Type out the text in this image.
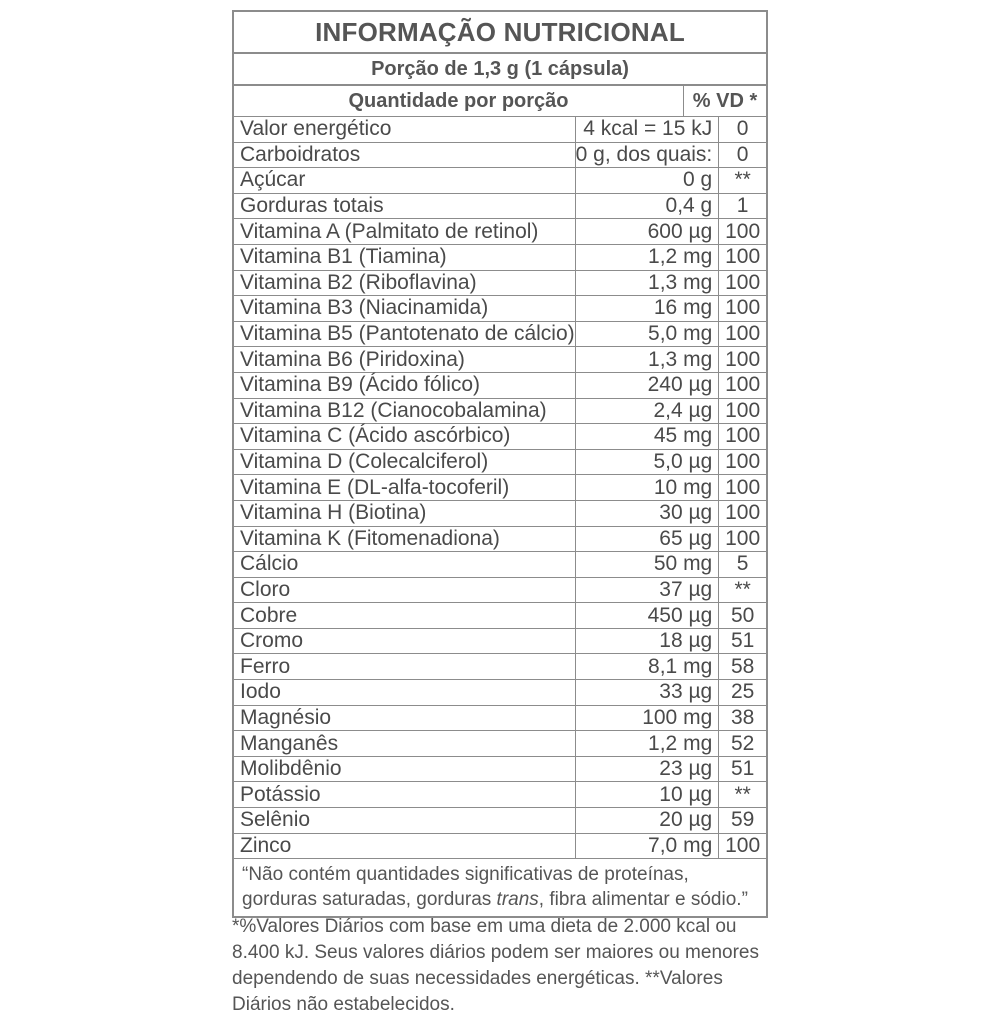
INFORMAÇÃO NUTRICIONAL
Porção de 1,3 g (1 cápsula)
Quantidade por porção	% VD *
Valor energético	4 kcal = 15 kJ	0
Carboidratos	0 g, dos quais:	0
Açúcar	0 g	**
Gorduras totais	0,4 g	1
Vitamina A (Palmitato de retinol)	600 µg	100
Vitamina B1 (Tiamina)	1,2 mg	100
Vitamina B2 (Riboflavina)	1,3 mg	100
Vitamina B3 (Niacinamida)	16 mg	100
Vitamina B5 (Pantotenato de cálcio)	5,0 mg	100
Vitamina B6 (Piridoxina)	1,3 mg	100
Vitamina B9 (Ácido fólico)	240 µg	100
Vitamina B12 (Cianocobalamina)	2,4 µg	100
Vitamina C (Ácido ascórbico)	45 mg	100
Vitamina D (Colecalciferol)	5,0 µg	100
Vitamina E (DL-alfa-tocoferil)	10 mg	100
Vitamina H (Biotina)	30 µg	100
Vitamina K (Fitomenadiona)	65 µg	100
Cálcio	50 mg	5
Cloro	37 µg	**
Cobre	450 µg	50
Cromo	18 µg	51
Ferro	8,1 mg	58
Iodo	33 µg	25
Magnésio	100 mg	38
Manganês	1,2 mg	52
Molibdênio	23 µg	51
Potássio	10 µg	**
Selênio	20 µg	59
Zinco	7,0 mg	100
“Não contém quantidades significativas de proteínas, gorduras saturadas, gorduras trans, fibra alimentar e sódio.”
*%Valores Diários com base em uma dieta de 2.000 kcal ou 8.400 kJ. Seus valores diários podem ser maiores ou menores dependendo de suas necessidades energéticas. **Valores Diários não estabelecidos.
